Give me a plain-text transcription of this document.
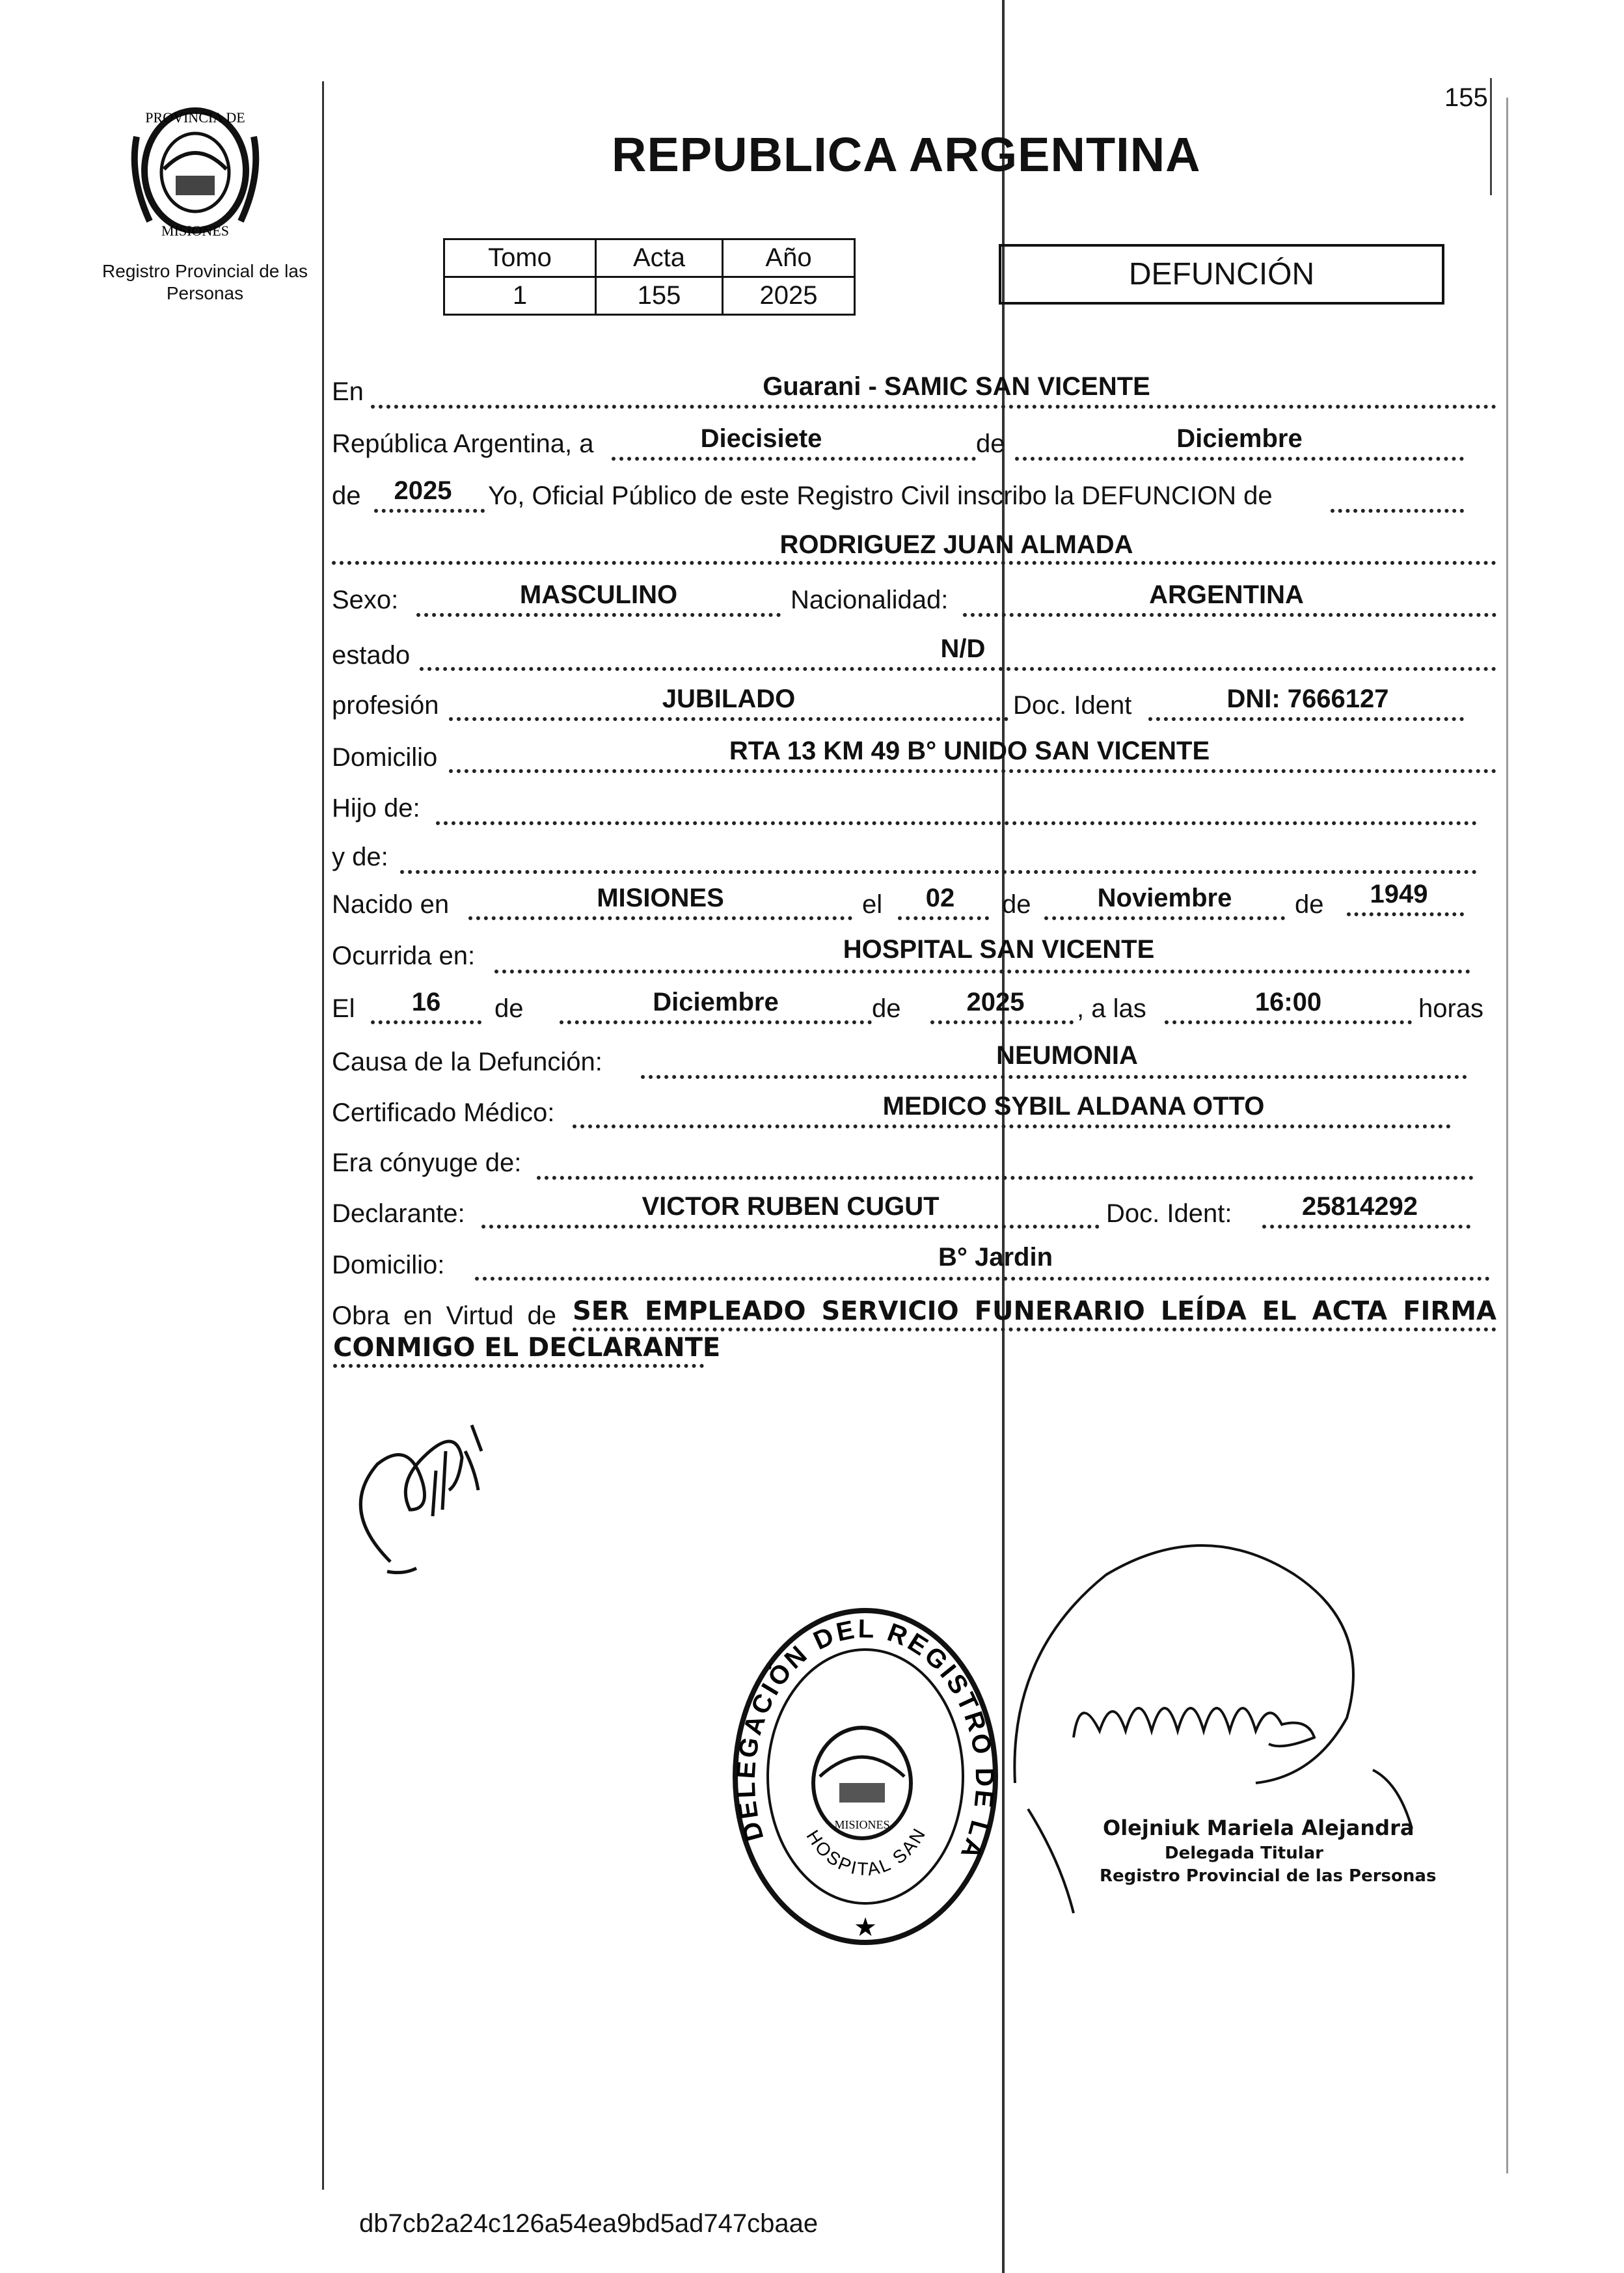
155
PROVINCIA DE
MISIONES
Registro Provincial de las Personas
REPUBLICA ARGENTINA
Tomo	Acta	Año
1	155	2025
DEFUNCIÓN
En	Guarani - SAMIC SAN VICENTE
República Argentina, a	Diecisiete	de	Diciembre
de	2025	Yo, Oficial Público de este Registro Civil inscribo la DEFUNCION de
RODRIGUEZ JUAN ALMADA
Sexo:	MASCULINO	Nacionalidad:	ARGENTINA
estado	N/D
profesión	JUBILADO	Doc. Ident	DNI: 7666127
Domicilio	RTA 13 KM 49 B° UNIDO SAN VICENTE
Hijo de:
y de:
Nacido en	MISIONES	el	02	de	Noviembre	de	1949
Ocurrida en:	HOSPITAL SAN VICENTE
El	16	de	Diciembre	de	2025	, a las	16:00	horas
Causa de la Defunción:	NEUMONIA
Certificado Médico:	MEDICO SYBIL ALDANA OTTO
Era cónyuge de:
Declarante:	VICTOR RUBEN CUGUT	Doc. Ident:	25814292
Domicilio:	B° Jardin
Obra en Virtud de SER EMPLEADO SERVICIO FUNERARIO LEÍDA EL ACTA FIRMA
CONMIGO EL DECLARANTE
DELEGACIÓN DEL REGISTRO DE LA
HOSPITAL SAN
MISIONES
★
Olejniuk Mariela Alejandra
Delegada Titular
Registro Provincial de las Personas
db7cb2a24c126a54ea9bd5ad747cbaae
